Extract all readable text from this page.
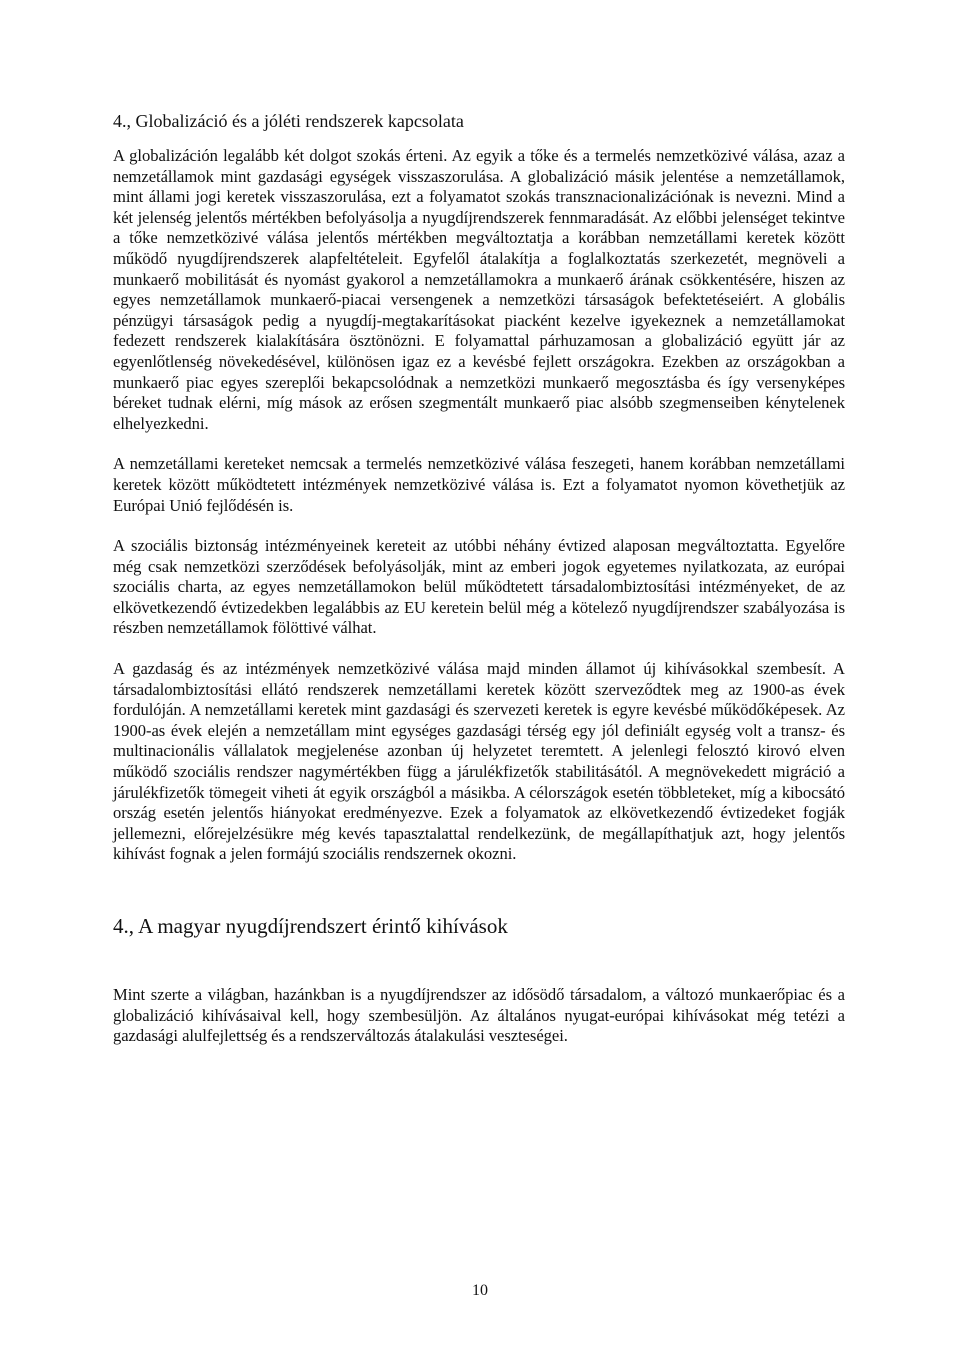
4., Globalizáció és a jóléti rendszerek kapcsolata

A globalizáción legalább két dolgot szokás érteni. Az egyik a tőke és a termelés nemzetközivé válása, azaz a nemzetállamok mint gazdasági egységek visszaszorulása. A globalizáció másik jelentése a nemzetállamok, mint állami jogi keretek visszaszorulása, ezt a folyamatot szokás transznacionalizációnak is nevezni. Mind a két jelenség jelentős mértékben befolyásolja a nyugdíjrendszerek fennmaradását. Az előbbi jelenséget tekintve a tőke nemzetközivé válása jelentős mértékben megváltoztatja a korábban nemzetállami keretek között működő nyugdíjrendszerek alapfeltételeit. Egyfelől átalakítja a foglalkoztatás szerkezetét, megnöveli a munkaerő mobilitását és nyomást gyakorol a nemzetállamokra a munkaerő árának csökkentésére, hiszen az egyes nemzetállamok munkaerő-piacai versengenek a nemzetközi társaságok befektetéseiért. A globális pénzügyi társaságok pedig a nyugdíj-megtakarításokat piacként kezelve igyekeznek a nemzetállamokat fedezett rendszerek kialakítására ösztönözni. E folyamattal párhuzamosan a globalizáció együtt jár az egyenlőtlenség növekedésével, különösen igaz ez a kevésbé fejlett országokra. Ezekben az országokban a munkaerő piac egyes szereplői bekapcsolódnak a nemzetközi munkaerő megosztásba és így versenyképes béreket tudnak elérni, míg mások az erősen szegmentált munkaerő piac alsóbb szegmenseiben kénytelenek elhelyezkedni.

A nemzetállami kereteket nemcsak a termelés nemzetközivé válása feszegeti, hanem korábban nemzetállami keretek között működtetett intézmények nemzetközivé válása is. Ezt a folyamatot nyomon követhetjük az Európai Unió fejlődésén is.

A szociális biztonság intézményeinek kereteit az utóbbi néhány évtized alaposan megváltoztatta. Egyelőre még csak nemzetközi szerződések befolyásolják, mint az emberi jogok egyetemes nyilatkozata, az európai szociális charta, az egyes nemzetállamokon belül működtetett társadalombiztosítási intézményeket, de az elkövetkezendő évtizedekben legalábbis az EU keretein belül még a kötelező nyugdíjrendszer szabályozása is részben nemzetállamok fölöttivé válhat.

A gazdaság és az intézmények nemzetközivé válása majd minden államot új kihívásokkal szembesít. A társadalombiztosítási ellátó rendszerek nemzetállami keretek között szerveződtek meg az 1900-as évek fordulóján. A nemzetállami keretek mint gazdasági és szervezeti keretek is egyre kevésbé működőképesek. Az 1900-as évek elején a nemzetállam mint egységes gazdasági térség egy jól definiált egység volt a transz- és multinacionális vállalatok megjelenése azonban új helyzetet teremtett. A jelenlegi felosztó kirovó elven működő szociális rendszer nagymértékben függ a járulékfizetők stabilitásától. A megnövekedett migráció a járulékfizetők tömegeit viheti át egyik országból a másikba. A célországok esetén többleteket, míg a kibocsátó ország esetén jelentős hiányokat eredményezve. Ezek a folyamatok az elkövetkezendő évtizedeket fogják jellemezni, előrejelzésükre még kevés tapasztalattal rendelkezünk, de megállapíthatjuk azt, hogy jelentős kihívást fognak a jelen formájú szociális rendszernek okozni.

4., A magyar nyugdíjrendszert érintő kihívások

Mint szerte a világban, hazánkban is a nyugdíjrendszer az idősödő társadalom, a változó munkaerőpiac és a globalizáció kihívásaival kell, hogy szembesüljön. Az általános nyugat-európai kihívásokat még tetézi a gazdasági alulfejlettség és a rendszerváltozás átalakulási veszteségei.

10
